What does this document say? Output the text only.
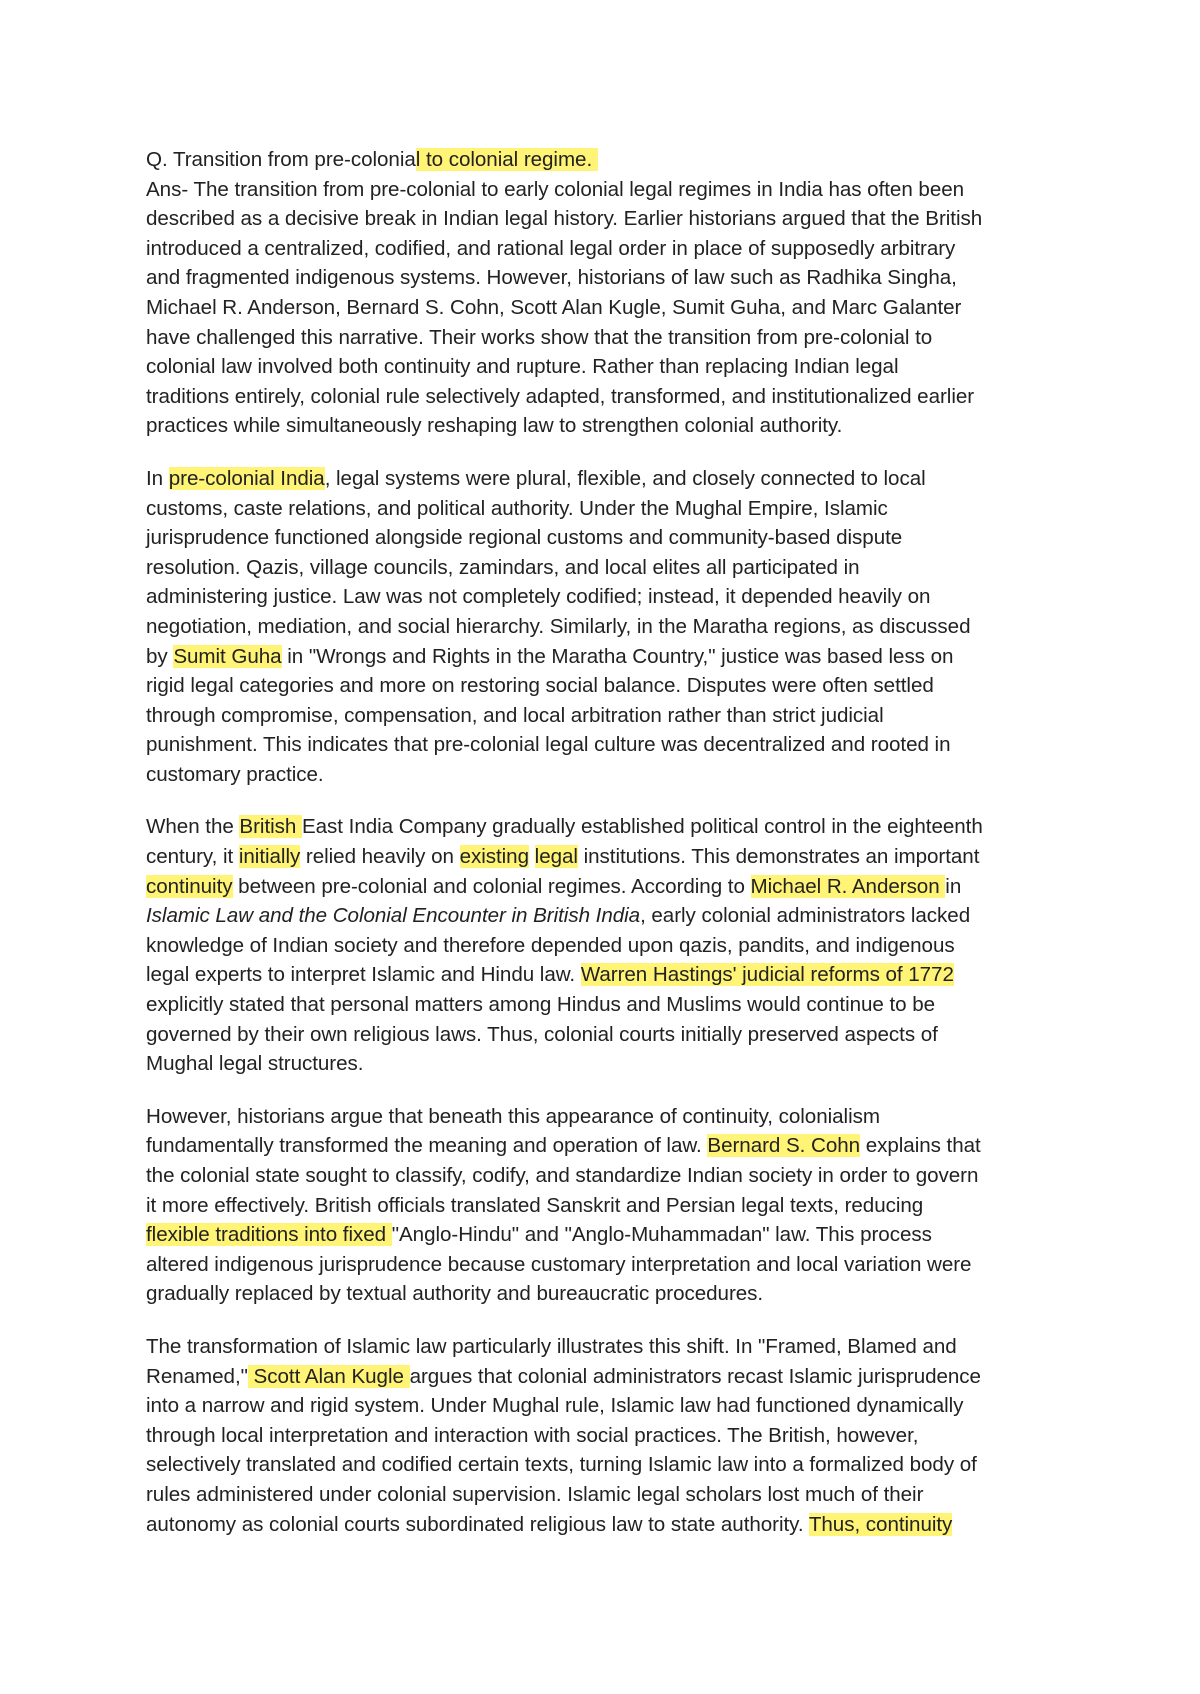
Q. Transition from pre-colonial to colonial regime.
Ans- The transition from pre-colonial to early colonial legal regimes in India has often been
described as a decisive break in Indian legal history. Earlier historians argued that the British
introduced a centralized, codified, and rational legal order in place of supposedly arbitrary
and fragmented indigenous systems. However, historians of law such as Radhika Singha,
Michael R. Anderson, Bernard S. Cohn, Scott Alan Kugle, Sumit Guha, and Marc Galanter
have challenged this narrative. Their works show that the transition from pre-colonial to
colonial law involved both continuity and rupture. Rather than replacing Indian legal
traditions entirely, colonial rule selectively adapted, transformed, and institutionalized earlier
practices while simultaneously reshaping law to strengthen colonial authority.
In pre-colonial India, legal systems were plural, flexible, and closely connected to local
customs, caste relations, and political authority. Under the Mughal Empire, Islamic
jurisprudence functioned alongside regional customs and community-based dispute
resolution. Qazis, village councils, zamindars, and local elites all participated in
administering justice. Law was not completely codified; instead, it depended heavily on
negotiation, mediation, and social hierarchy. Similarly, in the Maratha regions, as discussed
by Sumit Guha in "Wrongs and Rights in the Maratha Country," justice was based less on
rigid legal categories and more on restoring social balance. Disputes were often settled
through compromise, compensation, and local arbitration rather than strict judicial
punishment. This indicates that pre-colonial legal culture was decentralized and rooted in
customary practice.
When the British East India Company gradually established political control in the eighteenth
century, it initially relied heavily on existing legal institutions. This demonstrates an important
continuity between pre-colonial and colonial regimes. According to Michael R. Anderson in
Islamic Law and the Colonial Encounter in British India, early colonial administrators lacked
knowledge of Indian society and therefore depended upon qazis, pandits, and indigenous
legal experts to interpret Islamic and Hindu law. Warren Hastings' judicial reforms of 1772
explicitly stated that personal matters among Hindus and Muslims would continue to be
governed by their own religious laws. Thus, colonial courts initially preserved aspects of
Mughal legal structures.
However, historians argue that beneath this appearance of continuity, colonialism
fundamentally transformed the meaning and operation of law. Bernard S. Cohn explains that
the colonial state sought to classify, codify, and standardize Indian society in order to govern
it more effectively. British officials translated Sanskrit and Persian legal texts, reducing
flexible traditions into fixed "Anglo-Hindu" and "Anglo-Muhammadan" law. This process
altered indigenous jurisprudence because customary interpretation and local variation were
gradually replaced by textual authority and bureaucratic procedures.
The transformation of Islamic law particularly illustrates this shift. In "Framed, Blamed and
Renamed," Scott Alan Kugle argues that colonial administrators recast Islamic jurisprudence
into a narrow and rigid system. Under Mughal rule, Islamic law had functioned dynamically
through local interpretation and interaction with social practices. The British, however,
selectively translated and codified certain texts, turning Islamic law into a formalized body of
rules administered under colonial supervision. Islamic legal scholars lost much of their
autonomy as colonial courts subordinated religious law to state authority. Thus, continuity
